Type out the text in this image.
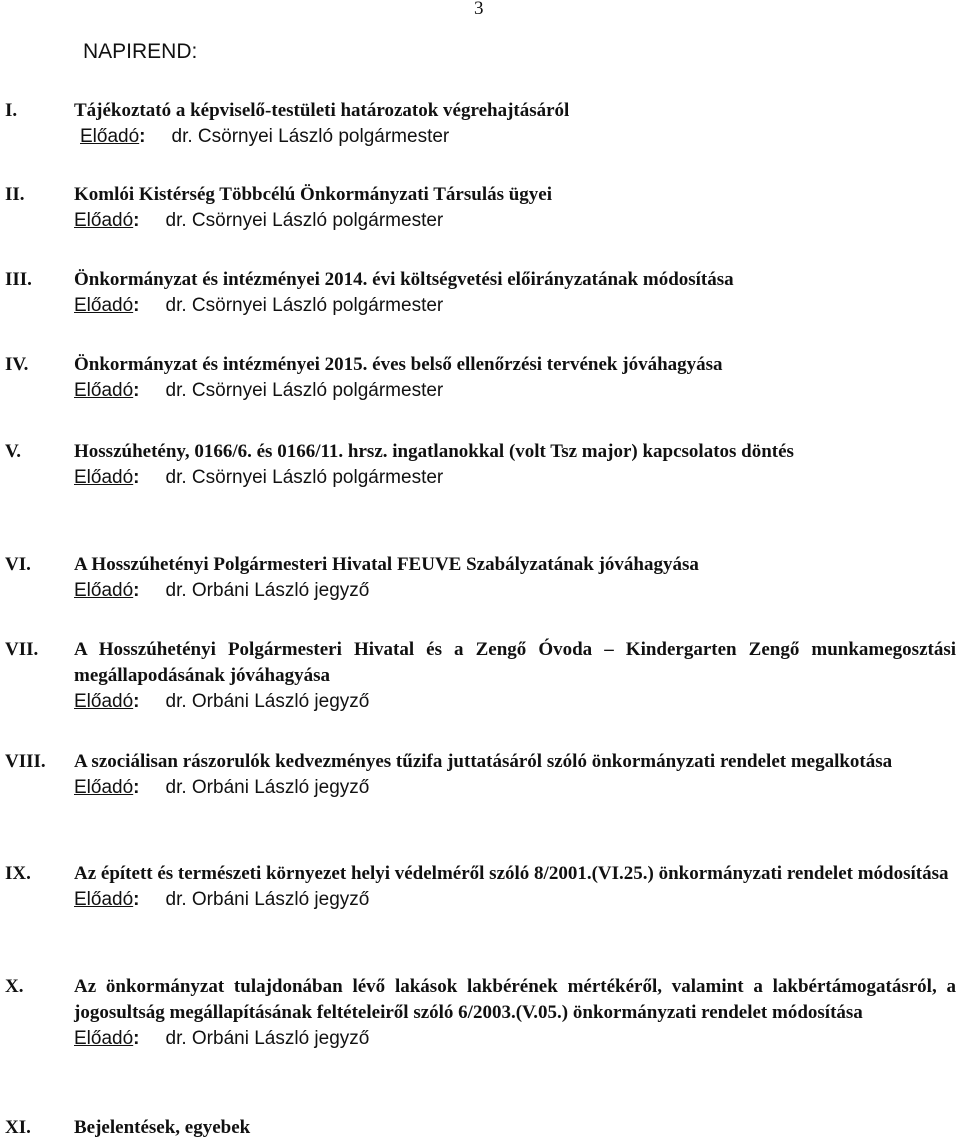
3
NAPIREND:
I.	Tájékoztató a képviselő-testületi határozatok végrehajtásáról

Előadó: dr. Csörnyei László polgármester

II.	Komlói Kistérség Többcélú Önkormányzati Társulás ügyei

Előadó: dr. Csörnyei László polgármester

III. Önkormányzat és intézményei 2014. évi költségvetési előirányzatának módosítása

Előadó: dr. Csörnyei László polgármester

IV. Önkormányzat és intézményei 2015. éves belső ellenőrzési tervének jóváhagyása

Előadó: dr. Csörnyei László polgármester

V.	Hosszúhetény, 0166/6. és 0166/11. hrsz. ingatlanokkal (volt Tsz major) kapcsolatos döntés

Előadó: dr. Csörnyei László polgármester

VI. A Hosszúhetényi Polgármesteri Hivatal FEUVE Szabályzatának jóváhagyása

Előadó: dr. Orbáni László jegyző

VII. A Hosszúhetényi Polgármesteri Hivatal és a Zengő Óvoda – Kindergarten Zengő munkamegosztási megállapodásának jóváhagyása

Előadó: dr. Orbáni László jegyző

VIII. A szociálisan rászorulók kedvezményes tűzifa juttatásáról szóló önkormányzati rendelet megalkotása

Előadó: dr. Orbáni László jegyző

IX. Az épített és természeti környezet helyi védelméről szóló 8/2001.(VI.25.) önkormányzati rendelet módosítása

Előadó: dr. Orbáni László jegyző

X.	Az önkormányzat tulajdonában lévő lakások lakbérének mértékéről, valamint a lakbértámogatásról, a jogosultság megállapításának feltételeiről szóló 6/2003.(V.05.) önkormányzati rendelet módosítása

Előadó: dr. Orbáni László jegyző

XI. Bejelentések, egyebek
